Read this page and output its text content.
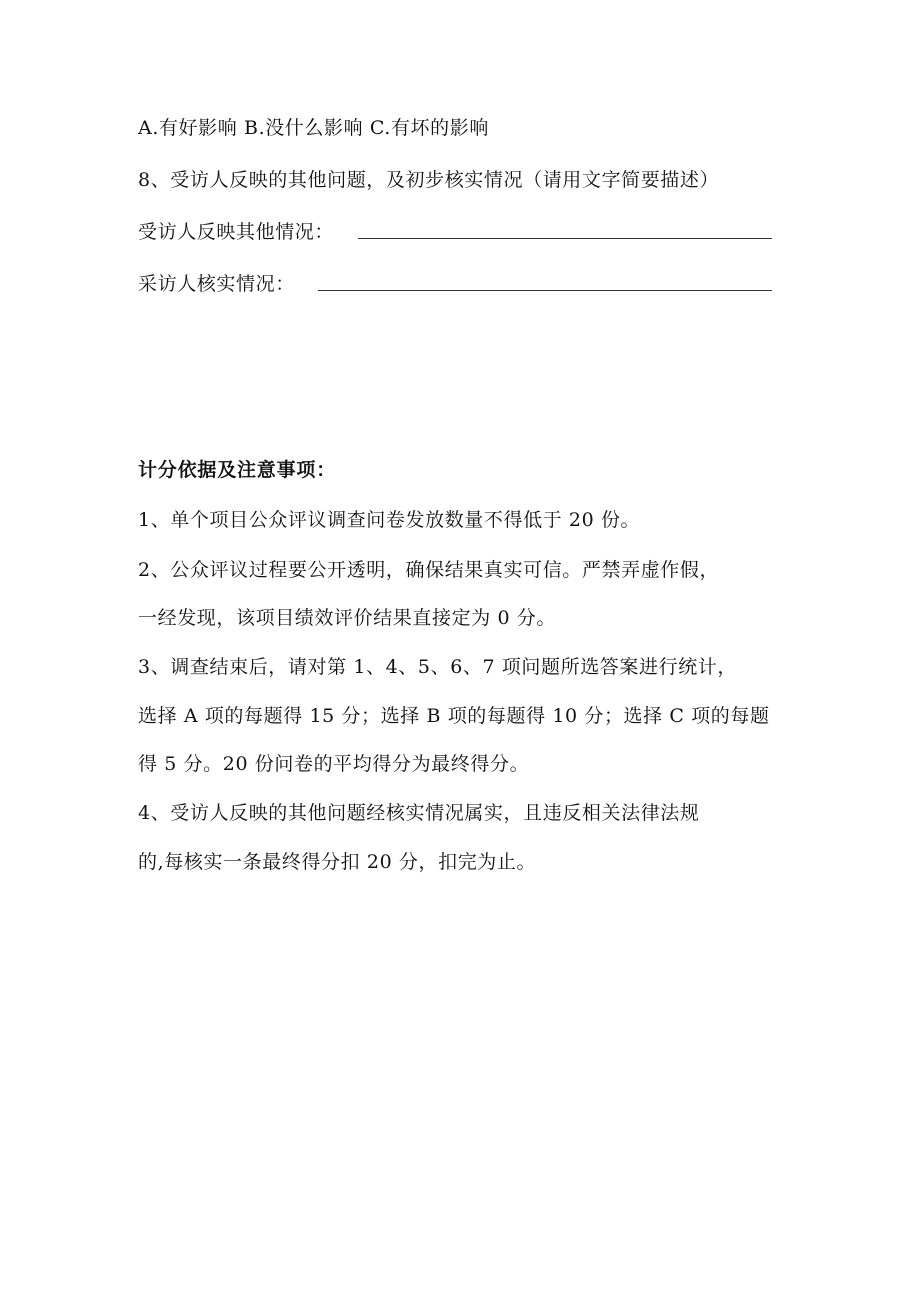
A.有好影响 B.没什么影响 C.有坏的影响
8、受访人反映的其他问题，及初步核实情况（请用文字简要描述）
受访人反映其他情况：
采访人核实情况：
计分依据及注意事项：
1、单个项目公众评议调查问卷发放数量不得低于 20 份。
2、公众评议过程要公开透明，确保结果真实可信。严禁弄虚作假，
一经发现，该项目绩效评价结果直接定为 0 分。
3、调查结束后，请对第 1、4、5、6、7 项问题所选答案进行统计，
选择 A 项的每题得 15 分；选择 B 项的每题得 10 分；选择 C 项的每题
得 5 分。20 份问卷的平均得分为最终得分。
4、受访人反映的其他问题经核实情况属实，且违反相关法律法规
的,每核实一条最终得分扣 20 分，扣完为止。
